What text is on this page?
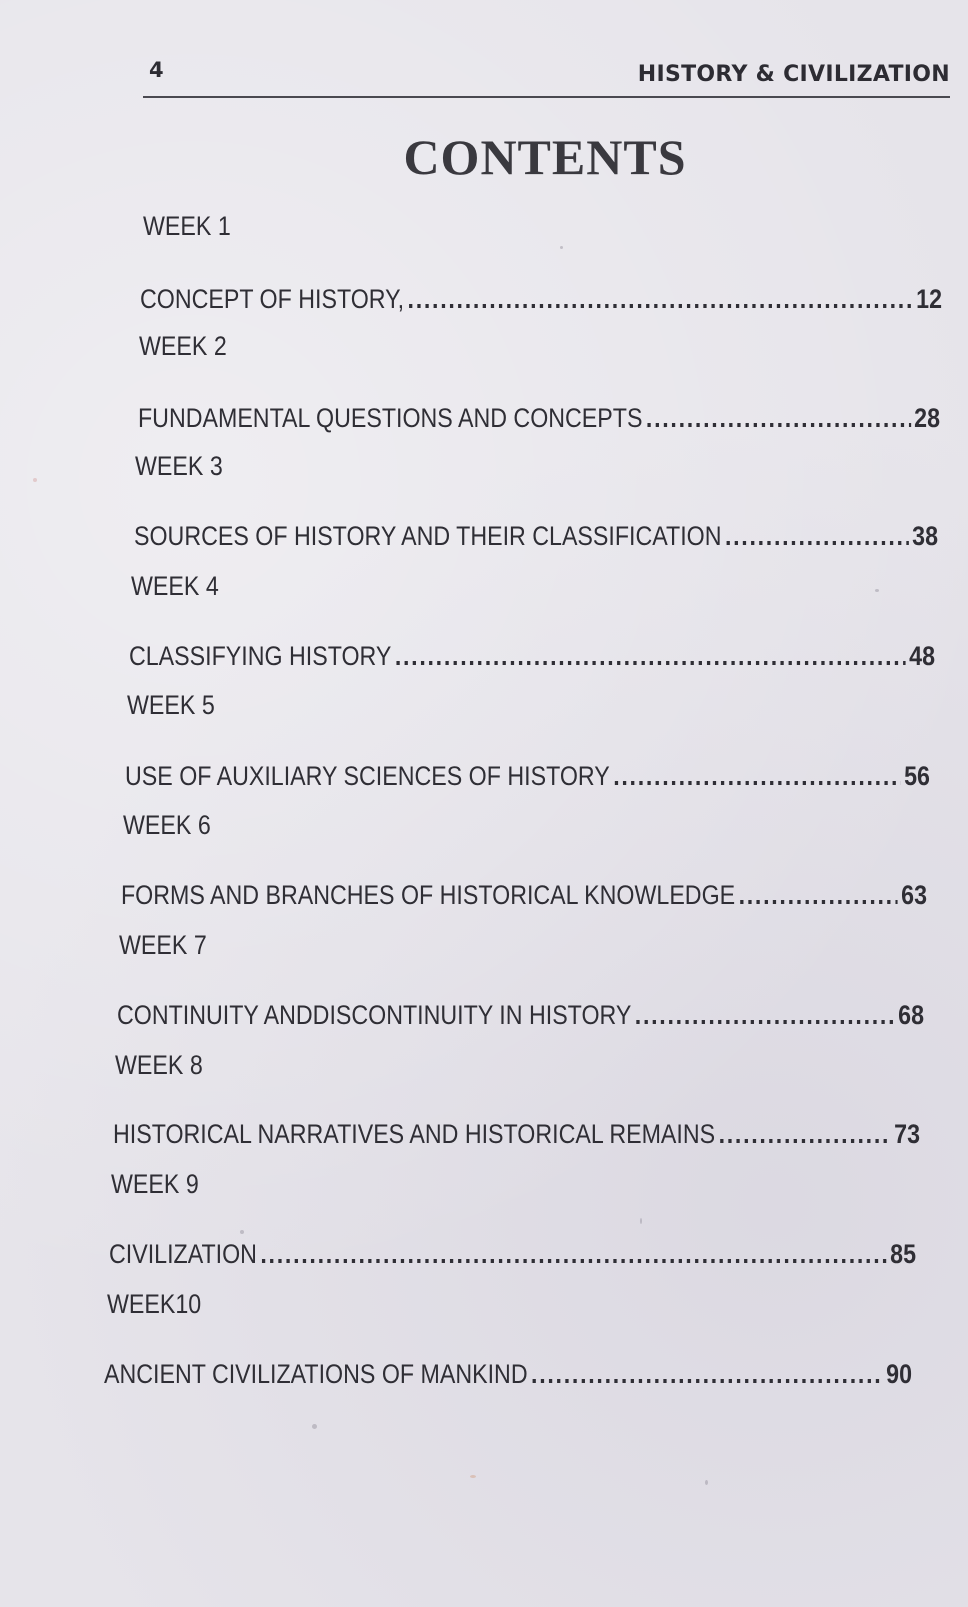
4	HISTORY & CIVILIZATION
CONTENTS
WEEK 1
CONCEPT OF HISTORY, .....	12
WEEK 2
FUNDAMENTAL QUESTIONS AND CONCEPTS .....	28
WEEK 3
SOURCES OF HISTORY AND THEIR CLASSIFICATION .....	38
WEEK 4
CLASSIFYING HISTORY .....	48
WEEK 5
USE OF AUXILIARY SCIENCES OF HISTORY .....	56
WEEK 6
FORMS AND BRANCHES OF HISTORICAL KNOWLEDGE .....	63
WEEK 7
CONTINUITY ANDDISCONTINUITY IN HISTORY .....	68
WEEK 8
HISTORICAL NARRATIVES AND HISTORICAL REMAINS .....	73
WEEK 9
CIVILIZATION .....	85
WEEK10
ANCIENT CIVILIZATIONS OF MANKIND .....	90
